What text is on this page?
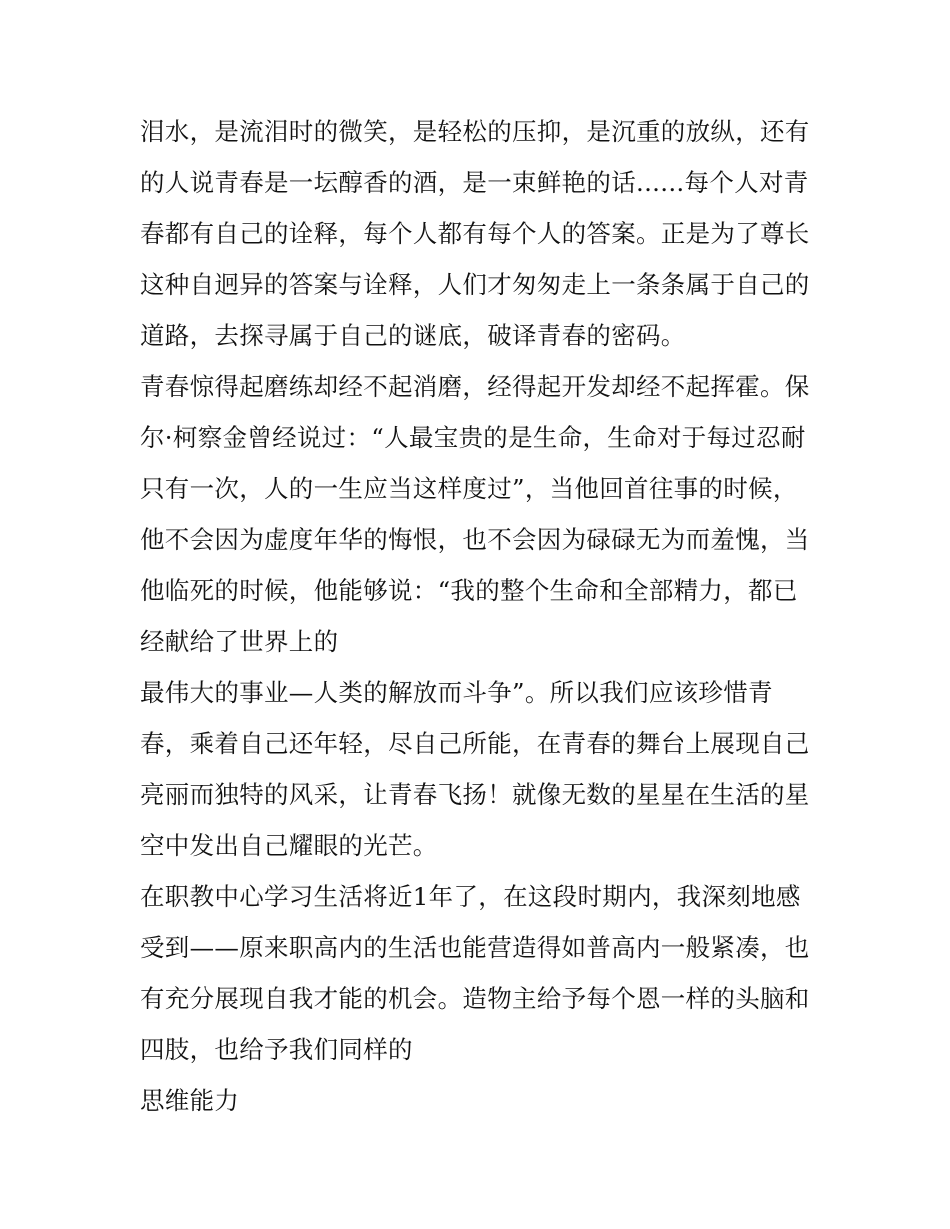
泪水，是流泪时的微笑，是轻松的压抑，是沉重的放纵，还有
的人说青春是一坛醇香的酒，是一束鲜艳的话......每个人对青
春都有自己的诠释，每个人都有每个人的答案。正是为了尊长
这种自迥异的答案与诠释，人们才匆匆走上一条条属于自己的
道路，去探寻属于自己的谜底，破译青春的密码。
青春惊得起磨练却经不起消磨，经得起开发却经不起挥霍。保
尔·柯察金曾经说过：“人最宝贵的是生命，生命对于每过忍耐
只有一次，人的一生应当这样度过”，当他回首往事的时候，
他不会因为虚度年华的悔恨，也不会因为碌碌无为而羞愧，当
他临死的时候，他能够说：“我的整个生命和全部精力，都已
经献给了世界上的
最伟大的事业—人类的解放而斗争”。所以我们应该珍惜青
春，乘着自己还年轻，尽自己所能，在青春的舞台上展现自己
亮丽而独特的风采，让青春飞扬！就像无数的星星在生活的星
空中发出自己耀眼的光芒。
在职教中心学习生活将近1年了，在这段时期内，我深刻地感
受到——原来职高内的生活也能营造得如普高内一般紧凑，也
有充分展现自我才能的机会。造物主给予每个恩一样的头脑和
四肢，也给予我们同样的
思维能力
